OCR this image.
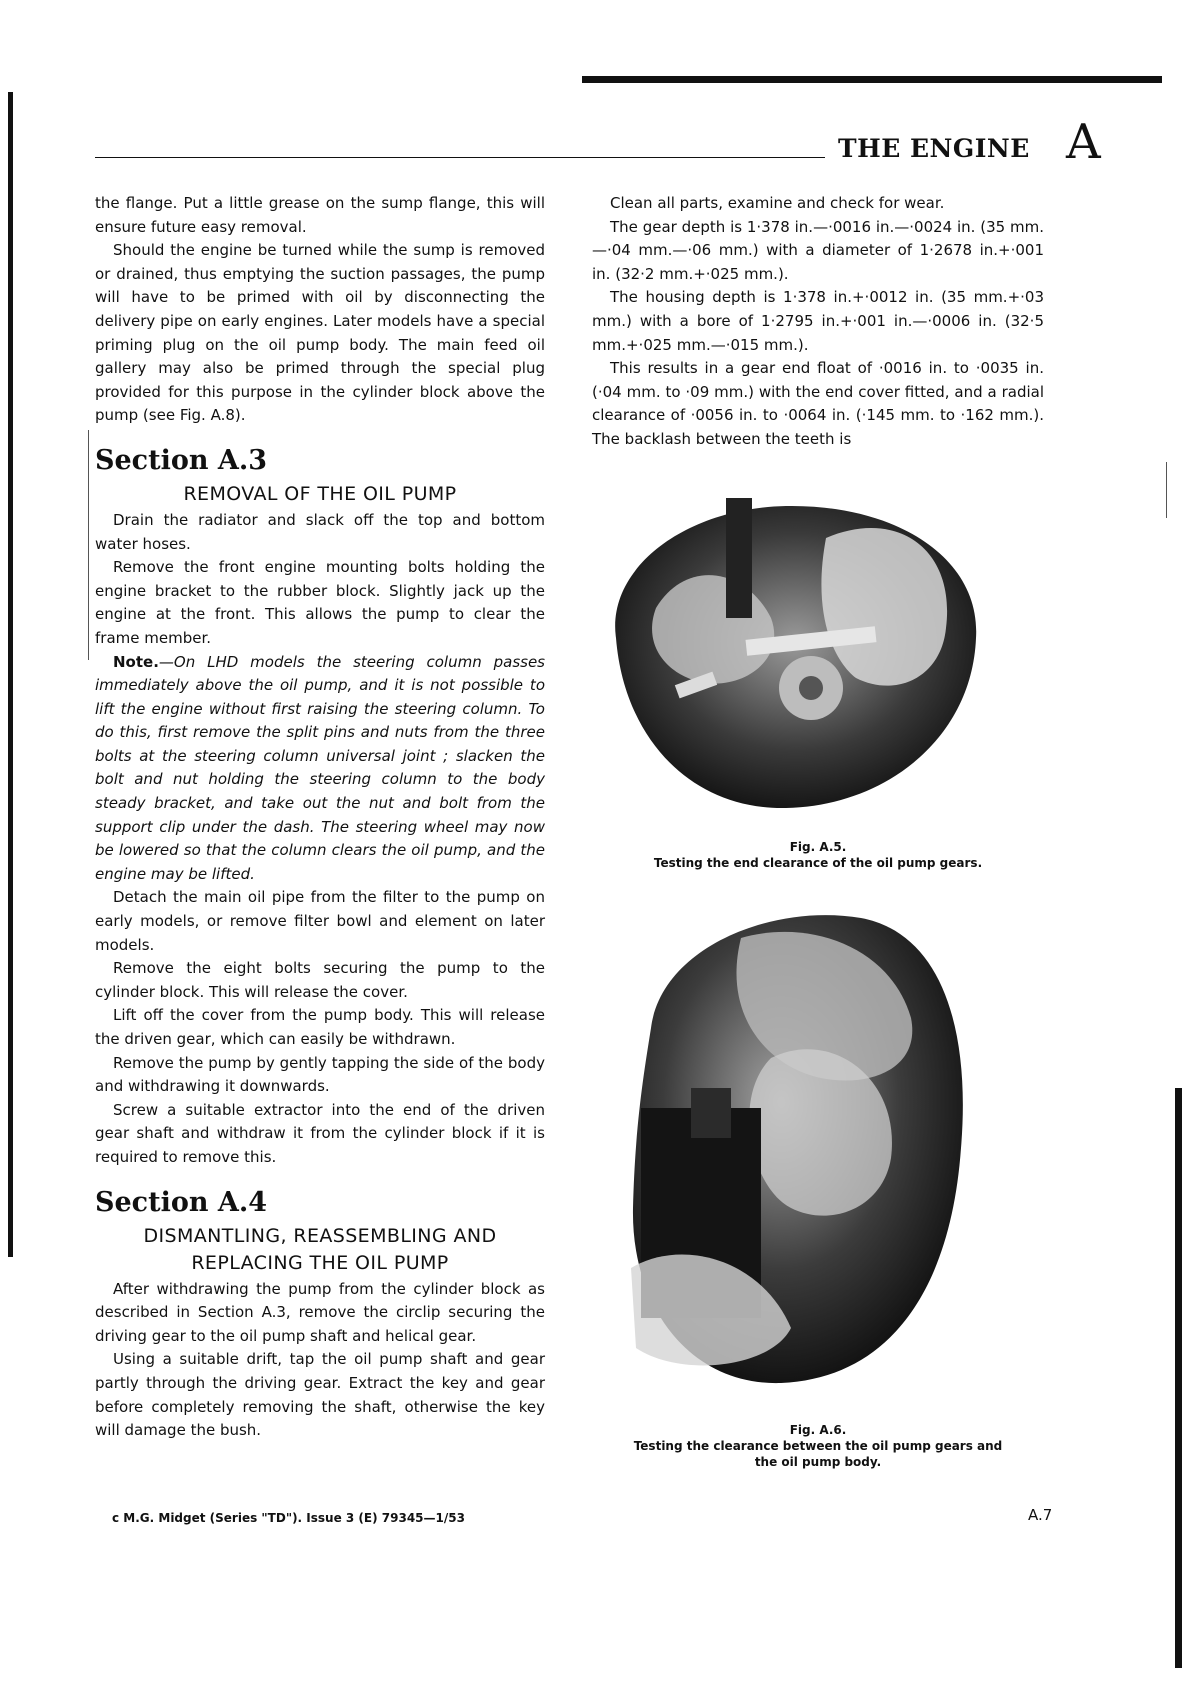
THE ENGINE A

the flange. Put a little grease on the sump flange, this will ensure future easy removal.

Should the engine be turned while the sump is removed or drained, thus emptying the suction passages, the pump will have to be primed with oil by disconnecting the delivery pipe on early engines. Later models have a special priming plug on the oil pump body. The main feed oil gallery may also be primed through the special plug provided for this purpose in the cylinder block above the pump (see Fig. A.8).

Section A.3
REMOVAL OF THE OIL PUMP

Drain the radiator and slack off the top and bottom water hoses.

Remove the front engine mounting bolts holding the engine bracket to the rubber block. Slightly jack up the engine at the front. This allows the pump to clear the frame member.

Note.—On LHD models the steering column passes immediately above the oil pump, and it is not possible to lift the engine without first raising the steering column. To do this, first remove the split pins and nuts from the three bolts at the steering column universal joint ; slacken the bolt and nut holding the steering column to the body steady bracket, and take out the nut and bolt from the support clip under the dash. The steering wheel may now be lowered so that the column clears the oil pump, and the engine may be lifted.

Detach the main oil pipe from the filter to the pump on early models, or remove filter bowl and element on later models.

Remove the eight bolts securing the pump to the cylinder block. This will release the cover.

Lift off the cover from the pump body. This will release the driven gear, which can easily be withdrawn.

Remove the pump by gently tapping the side of the body and withdrawing it downwards.

Screw a suitable extractor into the end of the driven gear shaft and withdraw it from the cylinder block if it is required to remove this.

Section A.4
DISMANTLING, REASSEMBLING AND
REPLACING THE OIL PUMP

After withdrawing the pump from the cylinder block as described in Section A.3, remove the circlip securing the driving gear to the oil pump shaft and helical gear.

Using a suitable drift, tap the oil pump shaft and gear partly through the driving gear. Extract the key and gear before completely removing the shaft, otherwise the key will damage the bush.

Clean all parts, examine and check for wear.

The gear depth is 1·378 in.—·0016 in.—·0024 in. (35 mm.—·04 mm.—·06 mm.) with a diameter of 1·2678 in.+·001 in. (32·2 mm.+·025 mm.).

The housing depth is 1·378 in.+·0012 in. (35 mm.+·03 mm.) with a bore of 1·2795 in.+·001 in.—·0006 in. (32·5 mm.+·025 mm.—·015 mm.).

This results in a gear end float of ·0016 in. to ·0035 in. (·04 mm. to ·09 mm.) with the end cover fitted, and a radial clearance of ·0056 in. to ·0064 in. (·145 mm. to ·162 mm.). The backlash between the teeth is

Fig. A.5.
Testing the end clearance of the oil pump gears.
Fig. A.6.
Testing the clearance between the oil pump gears and
the oil pump body.
c M.G. Midget (Series "TD"). Issue 3 (E) 79345—1/53	A.7
